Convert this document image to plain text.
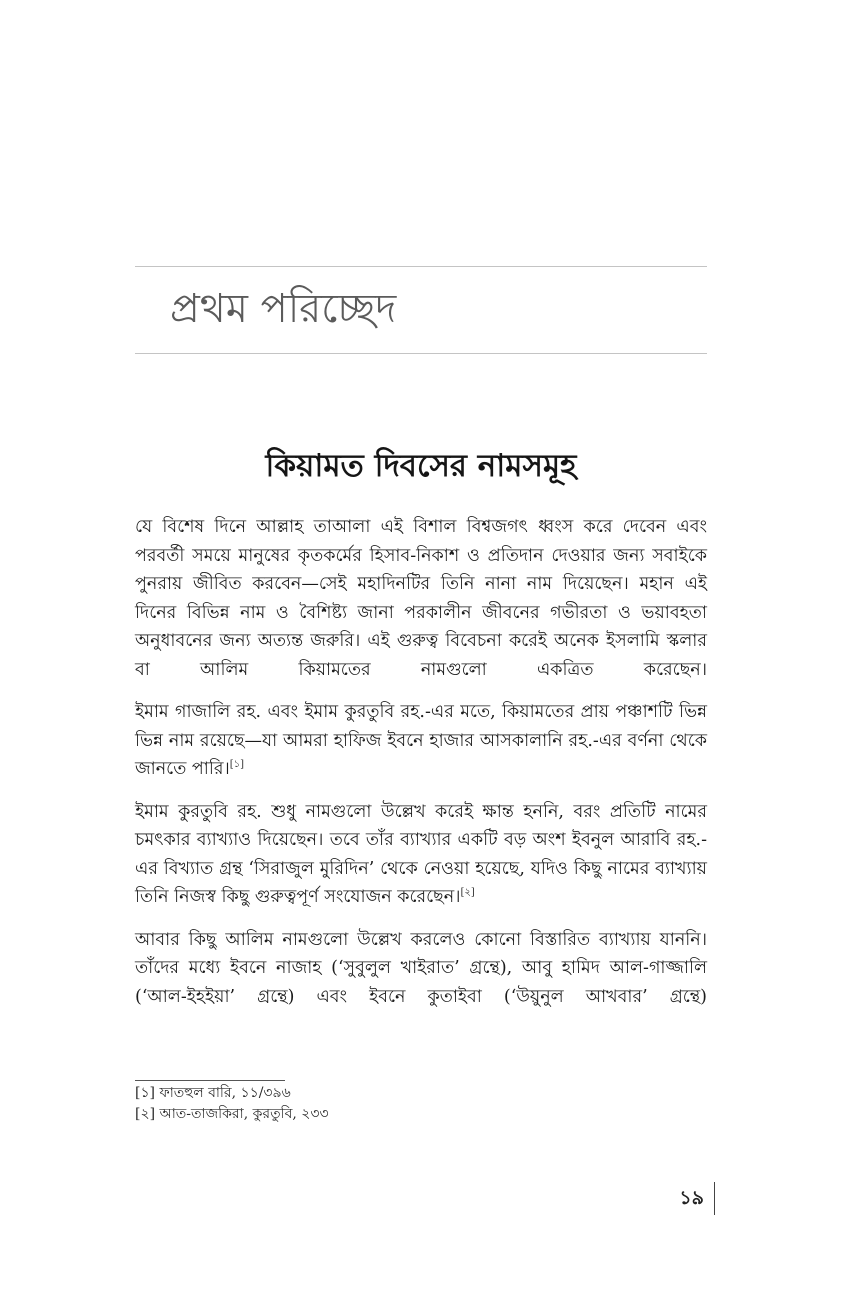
প্রথম পরিচ্ছেদ
কিয়ামত দিবসের নামসমূহ

যে বিশেষ দিনে আল্লাহ তাআলা এই বিশাল বিশ্বজগৎ ধ্বংস করে দেবেন এবং পরবর্তী সময়ে মানুষের কৃতকর্মের হিসাব-নিকাশ ও প্রতিদান দেওয়ার জন্য সবাইকে পুনরায় জীবিত করবেন—সেই মহাদিনটির তিনি নানা নাম দিয়েছেন। মহান এই দিনের বিভিন্ন নাম ও বৈশিষ্ট্য জানা পরকালীন জীবনের গভীরতা ও ভয়াবহতা অনুধাবনের জন্য অত্যন্ত জরুরি। এই গুরুত্ব বিবেচনা করেই অনেক ইসলামি স্কলার বা আলিম কিয়ামতের নামগুলো একত্রিত করেছেন।

ইমাম গাজালি রহ. এবং ইমাম কুরতুবি রহ.-এর মতে, কিয়ামতের প্রায় পঞ্চাশটি ভিন্ন ভিন্ন নাম রয়েছে—যা আমরা হাফিজ ইবনে হাজার আসকালানি রহ.-এর বর্ণনা থেকে জানতে পারি।[১]

ইমাম কুরতুবি রহ. শুধু নামগুলো উল্লেখ করেই ক্ষান্ত হননি, বরং প্রতিটি নামের চমৎকার ব্যাখ্যাও দিয়েছেন। তবে তাঁর ব্যাখ্যার একটি বড় অংশ ইবনুল আরাবি রহ.-এর বিখ্যাত গ্রন্থ ‘সিরাজুল মুরিদিন’ থেকে নেওয়া হয়েছে, যদিও কিছু নামের ব্যাখ্যায় তিনি নিজস্ব কিছু গুরুত্বপূর্ণ সংযোজন করেছেন।[২]

আবার কিছু আলিম নামগুলো উল্লেখ করলেও কোনো বিস্তারিত ব্যাখ্যায় যাননি। তাঁদের মধ্যে ইবনে নাজাহ (‘সুবুলুল খাইরাত’ গ্রন্থে), আবু হামিদ আল-গাজ্জালি (‘আল-ইহইয়া’ গ্রন্থে) এবং ইবনে কুতাইবা (‘উয়ুনুল আখবার’ গ্রন্থে)

[১] ফাতহুল বারি, ১১/৩৯৬
[২] আত-তাজকিরা, কুরতুবি, ২৩৩
১৯
